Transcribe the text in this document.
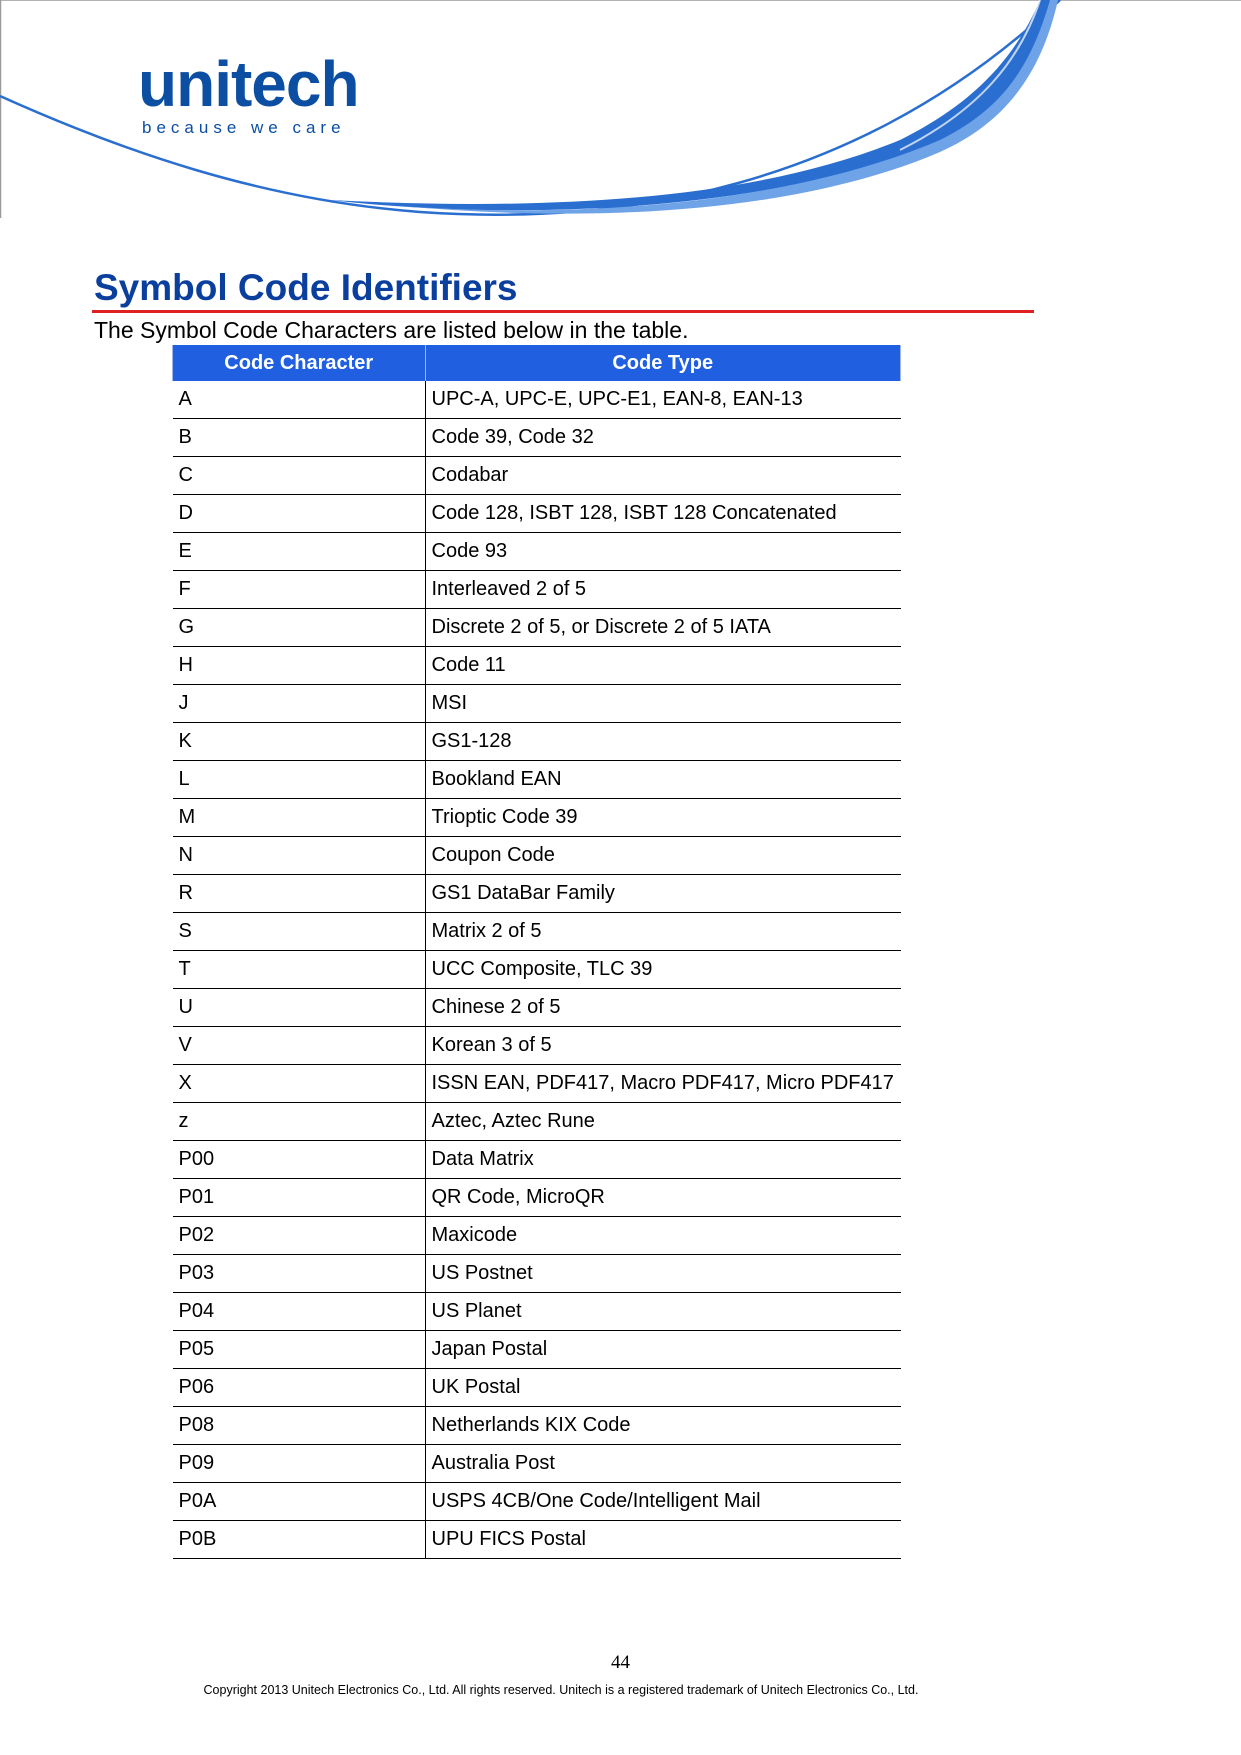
unitech
because we care
Symbol Code Identifiers
The Symbol Code Characters are listed below in the table.
Code Character	Code Type
A	UPC-A, UPC-E, UPC-E1, EAN-8, EAN-13
B	Code 39, Code 32
C	Codabar
D	Code 128, ISBT 128, ISBT 128 Concatenated
E	Code 93
F	Interleaved 2 of 5
G	Discrete 2 of 5, or Discrete 2 of 5 IATA
H	Code 11
J	MSI
K	GS1-128
L	Bookland EAN
M	Trioptic Code 39
N	Coupon Code
R	GS1 DataBar Family
S	Matrix 2 of 5
T	UCC Composite, TLC 39
U	Chinese 2 of 5
V	Korean 3 of 5
X	ISSN EAN, PDF417, Macro PDF417, Micro PDF417
z	Aztec, Aztec Rune
P00	Data Matrix
P01	QR Code, MicroQR
P02	Maxicode
P03	US Postnet
P04	US Planet
P05	Japan Postal
P06	UK Postal
P08	Netherlands KIX Code
P09	Australia Post
P0A	USPS 4CB/One Code/Intelligent Mail
P0B	UPU FICS Postal
44
Copyright 2013 Unitech Electronics Co., Ltd. All rights reserved. Unitech is a registered trademark of Unitech Electronics Co., Ltd.
